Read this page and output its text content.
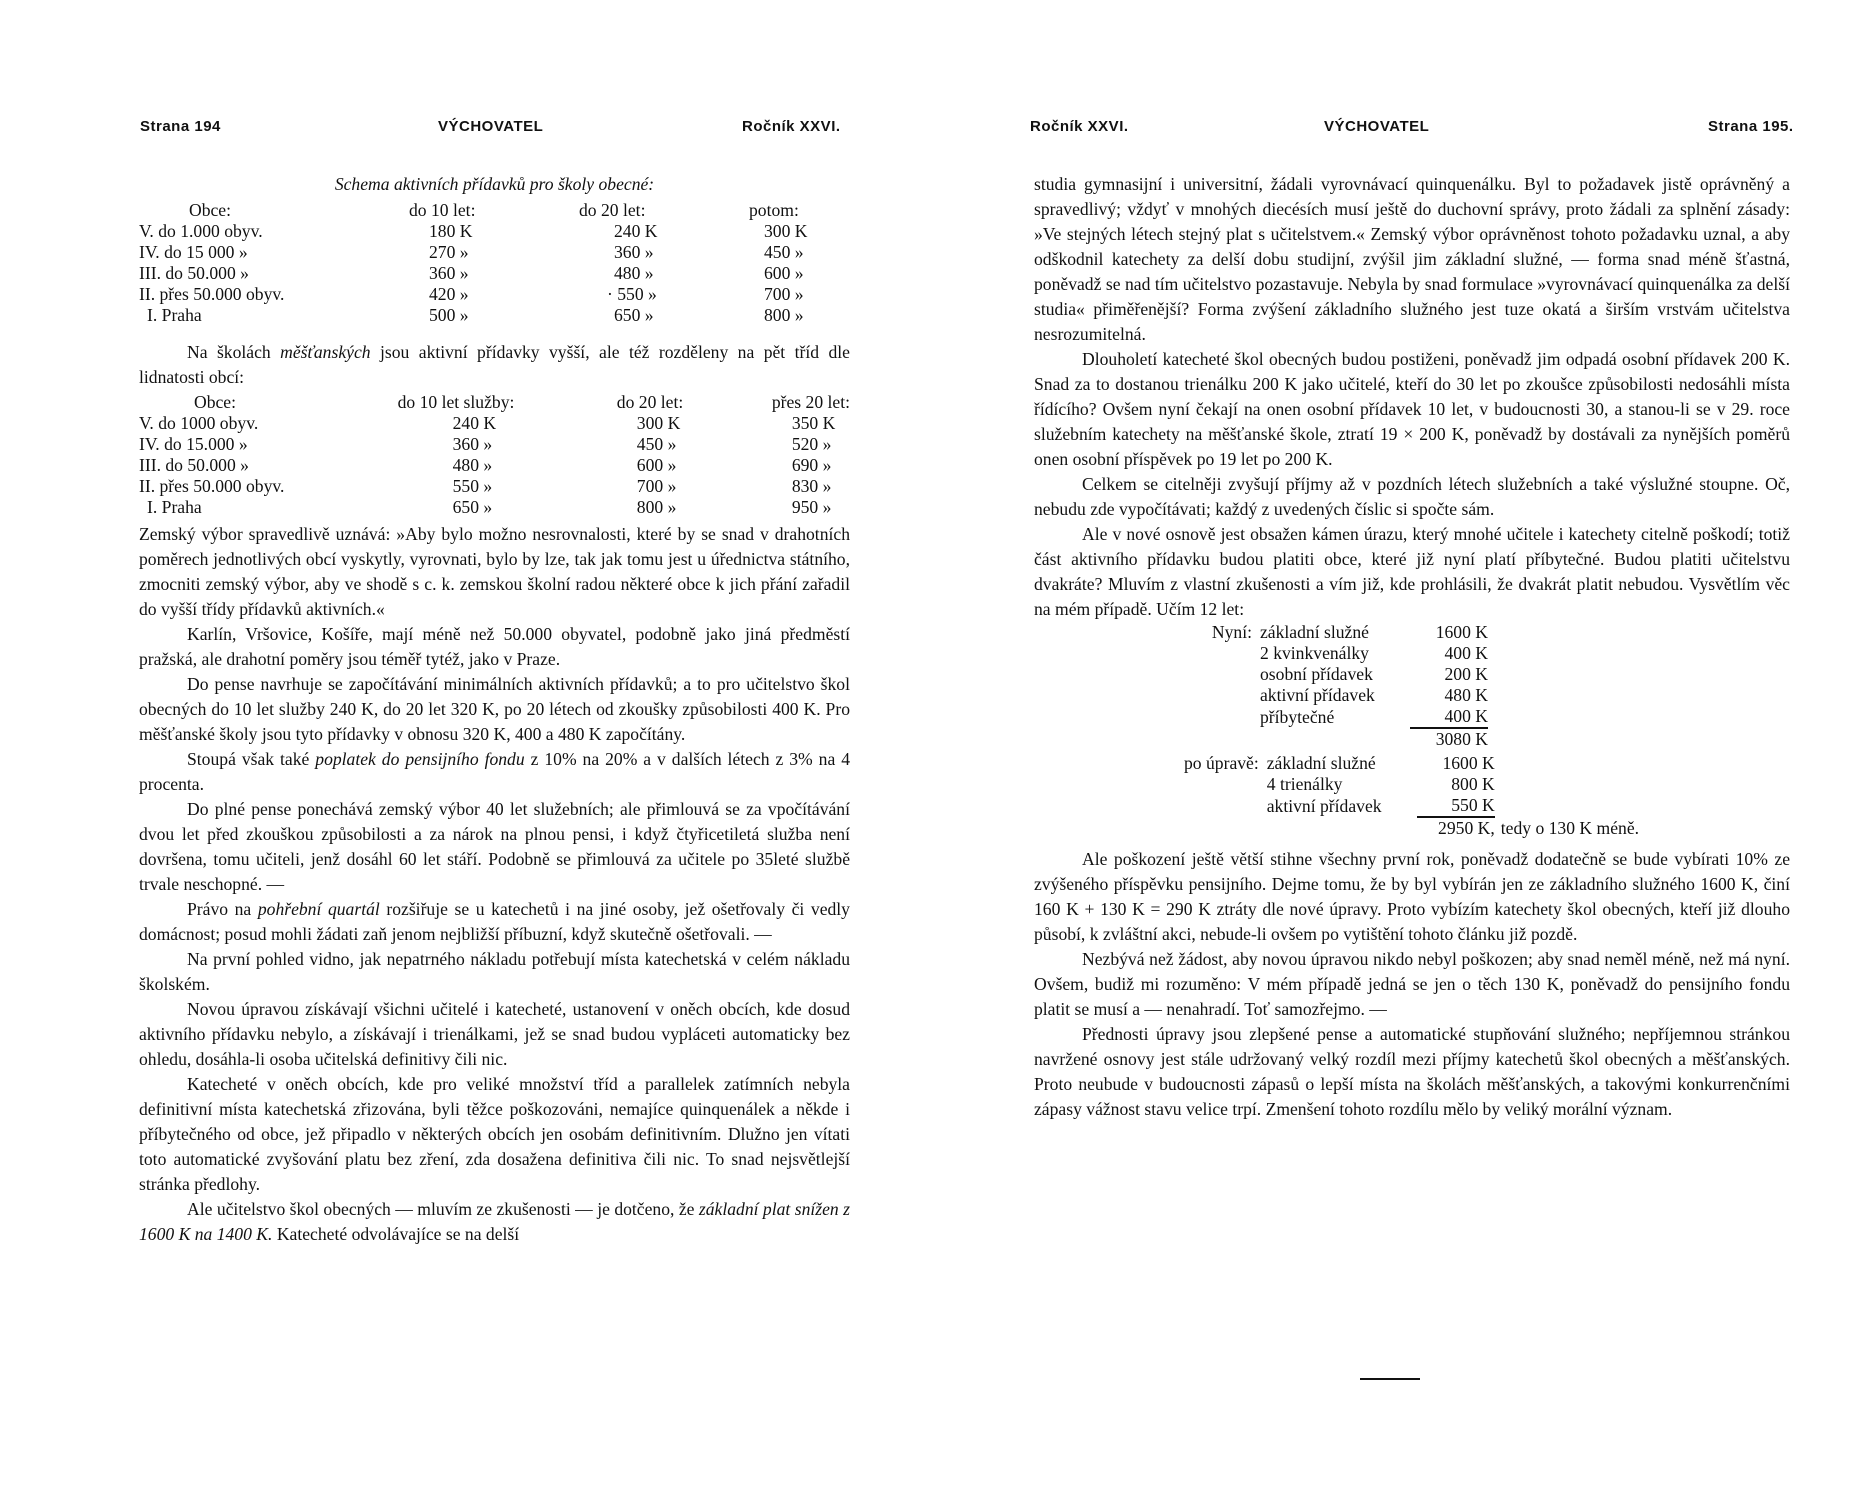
Strana 194	VÝCHOVATEL	Ročník XXVI.

Schema aktivních přídavků pro školy obecné:

Obce:	do 10 let:	do 20 let:	potom:
V. do 1.000 obyv.	180 K	240 K	300 K
IV. do 15 000 »	270 »	360 »	450 »
III. do 50.000 »	360 »	480 »	600 »
II. přes 50.000 obyv.	420 »	· 550 »	700 »
I. Praha	500 »	650 »	800 »

Na školách měšťanských jsou aktivní přídavky vyšší, ale též rozděleny na pět tříd dle lidnatosti obcí:

Obce:	do 10 let služby:	do 20 let:	přes 20 let:
V. do 1000 obyv.	240 K	300 K	350 K
IV. do 15.000 »	360 »	450 »	520 »
III. do 50.000 »	480 »	600 »	690 »
II. přes 50.000 obyv.	550 »	700 »	830 »
I. Praha	650 »	800 »	950 »

Zemský výbor spravedlivě uznává: »Aby bylo možno nesrovnalosti, které by se snad v drahotních poměrech jednotlivých obcí vyskytly, vyrovnati, bylo by lze, tak jak tomu jest u úřednictva státního, zmocniti zemský výbor, aby ve shodě s c. k. zemskou školní radou některé obce k jich přání zařadil do vyšší třídy přídavků aktivních.«

Karlín, Vršovice, Košíře, mají méně než 50.000 obyvatel, podobně jako jiná předměstí pražská, ale drahotní poměry jsou téměř tytéž, jako v Praze.

Do pense navrhuje se započítávání minimálních aktivních přídavků; a to pro učitelstvo škol obecných do 10 let služby 240 K, do 20 let 320 K, po 20 létech od zkoušky způsobilosti 400 K. Pro měšťanské školy jsou tyto přídavky v obnosu 320 K, 400 a 480 K započítány.

Stoupá však také poplatek do pensijního fondu z 10% na 20% a v dalších létech z 3% na 4 procenta.

Do plné pense ponechává zemský výbor 40 let služebních; ale přimlouvá se za vpočítávání dvou let před zkouškou způsobilosti a za nárok na plnou pensi, i když čtyřicetiletá služba není dovršena, tomu učiteli, jenž dosáhl 60 let stáří. Podobně se přimlouvá za učitele po 35leté službě trvale neschopné. —

Právo na pohřební quartál rozšiřuje se u katechetů i na jiné osoby, jež ošetřovaly či vedly domácnost; posud mohli žádati zaň jenom nejbližší příbuzní, když skutečně ošetřovali. —

Na první pohled vidno, jak nepatrného nákladu potřebují místa katechetská v celém nákladu školském.

Novou úpravou získávají všichni učitelé i katecheté, ustanovení v oněch obcích, kde dosud aktivního přídavku nebylo, a získávají i trienálkami, jež se snad budou vypláceti automaticky bez ohledu, dosáhla-li osoba učitelská definitivy čili nic.

Katecheté v oněch obcích, kde pro veliké množství tříd a parallelek zatímních nebyla definitivní místa katechetská zřizována, byli těžce poškozováni, nemajíce quinquenálek a někde i příbytečného od obce, jež připadlo v některých obcích jen osobám definitivním. Dlužno jen vítati toto automatické zvyšování platu bez zření, zda dosažena definitiva čili nic. To snad nejsvětlejší stránka předlohy.

Ale učitelstvo škol obecných — mluvím ze zkušenosti — je dotčeno, že základní plat snížen z 1600 K na 1400 K. Katecheté odvolávajíce se na delší

Ročník XXVI.	VÝCHOVATEL	Strana 195.

studia gymnasijní i universitní, žádali vyrovnávací quinquenálku. Byl to požadavek jistě oprávněný a spravedlivý; vždyť v mnohých diecésích musí ještě do duchovní správy, proto žádali za splnění zásady: »Ve stejných létech stejný plat s učitelstvem.« Zemský výbor oprávněnost tohoto požadavku uznal, a aby odškodnil katechety za delší dobu studijní, zvýšil jim základní služné, — forma snad méně šťastná, poněvadž se nad tím učitelstvo pozastavuje. Nebyla by snad formulace »vyrovnávací quinquenálka za delší studia« přiměřenější? Forma zvýšení základního služného jest tuze okatá a širším vrstvám učitelstva nesrozumitelná.

Dlouholetí katecheté škol obecných budou postiženi, poněvadž jim odpadá osobní přídavek 200 K. Snad za to dostanou trienálku 200 K jako učitelé, kteří do 30 let po zkoušce způsobilosti nedosáhli místa řídícího? Ovšem nyní čekají na onen osobní přídavek 10 let, v budoucnosti 30, a stanou-li se v 29. roce služebním katechety na měšťanské škole, ztratí 19 × 200 K, poněvadž by dostávali za nynějších poměrů onen osobní příspěvek po 19 let po 200 K.

Celkem se citelněji zvyšují příjmy až v pozdních létech služebních a také výslužné stoupne. Oč, nebudu zde vypočítávati; každý z uvedených číslic si spočte sám.

Ale v nové osnově jest obsažen kámen úrazu, který mnohé učitele i katechety citelně poškodí; totiž část aktivního přídavku budou platiti obce, které již nyní platí příbytečné. Budou platiti učitelstvu dvakráte? Mluvím z vlastní zkušenosti a vím již, kde prohlásili, že dvakrát platit nebudou. Vysvětlím věc na mém případě. Učím 12 let:

Nyní:	základní služné	1600 K
	2 kvinkvenálky	400 K
	osobní přídavek	200 K
	aktivní přídavek	480 K
	příbytečné	400 K
		3080 K
po úpravě:	základní služné	1600 K	
	4 trienálky	800 K	
	aktivní přídavek	550 K	
		2950 K,	tedy o 130 K méně.

Ale poškození ještě větší stihne všechny první rok, poněvadž dodatečně se bude vybírati 10% ze zvýšeného příspěvku pensijního. Dejme tomu, že by byl vybírán jen ze základního služného 1600 K, činí 160 K + 130 K = 290 K ztráty dle nové úpravy. Proto vybízím katechety škol obecných, kteří již dlouho působí, k zvláštní akci, nebude-li ovšem po vytištění tohoto článku již pozdě.

Nezbývá než žádost, aby novou úpravou nikdo nebyl poškozen; aby snad neměl méně, než má nyní. Ovšem, budiž mi rozuměno: V mém případě jedná se jen o těch 130 K, poněvadž do pensijního fondu platit se musí a — nenahradí. Toť samozřejmo. —

Přednosti úpravy jsou zlepšené pense a automatické stupňování služného; nepříjemnou stránkou navržené osnovy jest stále udržovaný velký rozdíl mezi příjmy katechetů škol obecných a měšťanských. Proto neubude v budoucnosti zápasů o lepší místa na školách měšťanských, a takovými konkurrenčními zápasy vážnost stavu velice trpí. Zmenšení tohoto rozdílu mělo by veliký morální význam.
